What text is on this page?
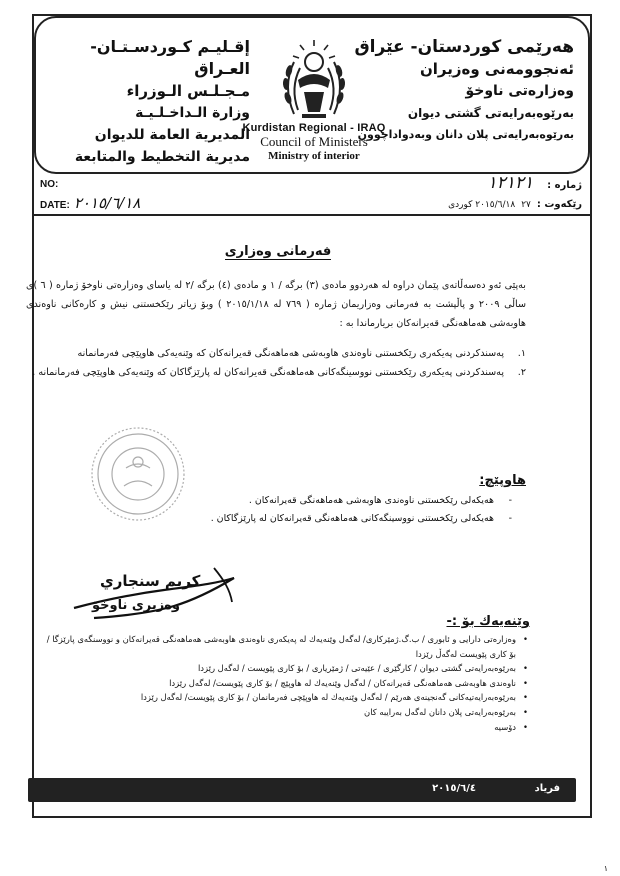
هەرێمی كوردستان- عێراق
ئەنجوومەنی وەزیران
وەزارەتی ناوخۆ
بەرێوەبەرایەتی گشتی دیوان
بەرێوەبەرایەتی پلان دانان وبەدواداچوون
Kurdistan Regional - IRAQ
Council of Ministers
Ministry of interior
إقـليـم كـوردسـتـان- العـراق
مـجـلـس الـوزراء
وزارة الـداخـلـيـة
المديرية العامة للديوان
مديرية التخطيط والمتابعة
NO:
DATE: ٢٠١٥/٦/١٨
ژمارە :١٢١٢١
رێكەوت :٢٠١٥/٦/١٨٢٧ كوردی
فەرمانی وەزاری
بەپێی ئەو دەسەڵاتەی پێمان دراوە لە هەردوو مادەی (٣) برگە / ١ و مادەی (٤) برگە /٢ لە یاسای وەزارەتی ناوخۆ ژمارە ( ٦ )ی ساڵی ٢٠٠٩ و پاڵپشت بە فەرمانی وەزاریمان ژمارە ( ٧٦٩ لە ٢٠١٥/١/١٨ ) وبۆ زیاتر رێكخستنی نیش و كارەكانی ناوەندی هاوبەشی هەماهەنگی قەیرانەكان بریارماندا بە :
١.
پەسندكردنی پەیكەری رێكخستنی ناوەندی هاوبەشی هەماهەنگی قەیرانەكان كە وێنەیەكی هاوپێچی فەرمانمانە
٢.
پەسندكردنی پەیكەری رێكخستنی نووسینگەكانی هەماهەنگی قەیرانەكان لە پارێزگاكان كە وێنەیەكی هاوپێچی فەرمانمانە .
هاوپێچ:
- هەیكەلی رێكخستنی ناوەندی هاوبەشی هەماهەنگی قەیرانەكان .
- هەیكەلی رێكخستنی نووسینگەكانی هەماهەنگی قەیرانەكان لە پارێزگاكان .
كريم سنجاري
وەزیری ناوخۆ
وێنەیەك بۆ :-
• وەزارەتی دارایی و ئابوری / ب.گ.ژمێركاری/ لەگەل وێنەیەك لە پەیكەری ناوەندی هاوبەشی هەماهەنگی قەیرانەكان و نووسنگەی پارێزگا /
بۆ كاری پێویست لەگەڵ رێزدا
• بەرێوەبەرایەتی گشتی دیوان / كارگێری / عێیەتی / ژمێریاری / بۆ كاری پێویست / لەگەل رێزدا
• ناوەندی هاوبەشی هەماهەنگی قەیرانەكان / لەگەل وێنەیەك لە هاوپێچ / بۆ كاری پێویست/ لەگەل رێزدا
• بەرێوەبەرایەتیەكانی گەنجینەی هەرێم / لەگەل وێنەیەك لە هاوپێچی فەرمانمان / بۆ كاری پێویست/ لەگەل رێزدا
• بەرێوەبەرایەتی پلان دانان لەگەل بەرایبە كان
• دۆسیە
فرياد
٢٠١٥/٦/٤
١
